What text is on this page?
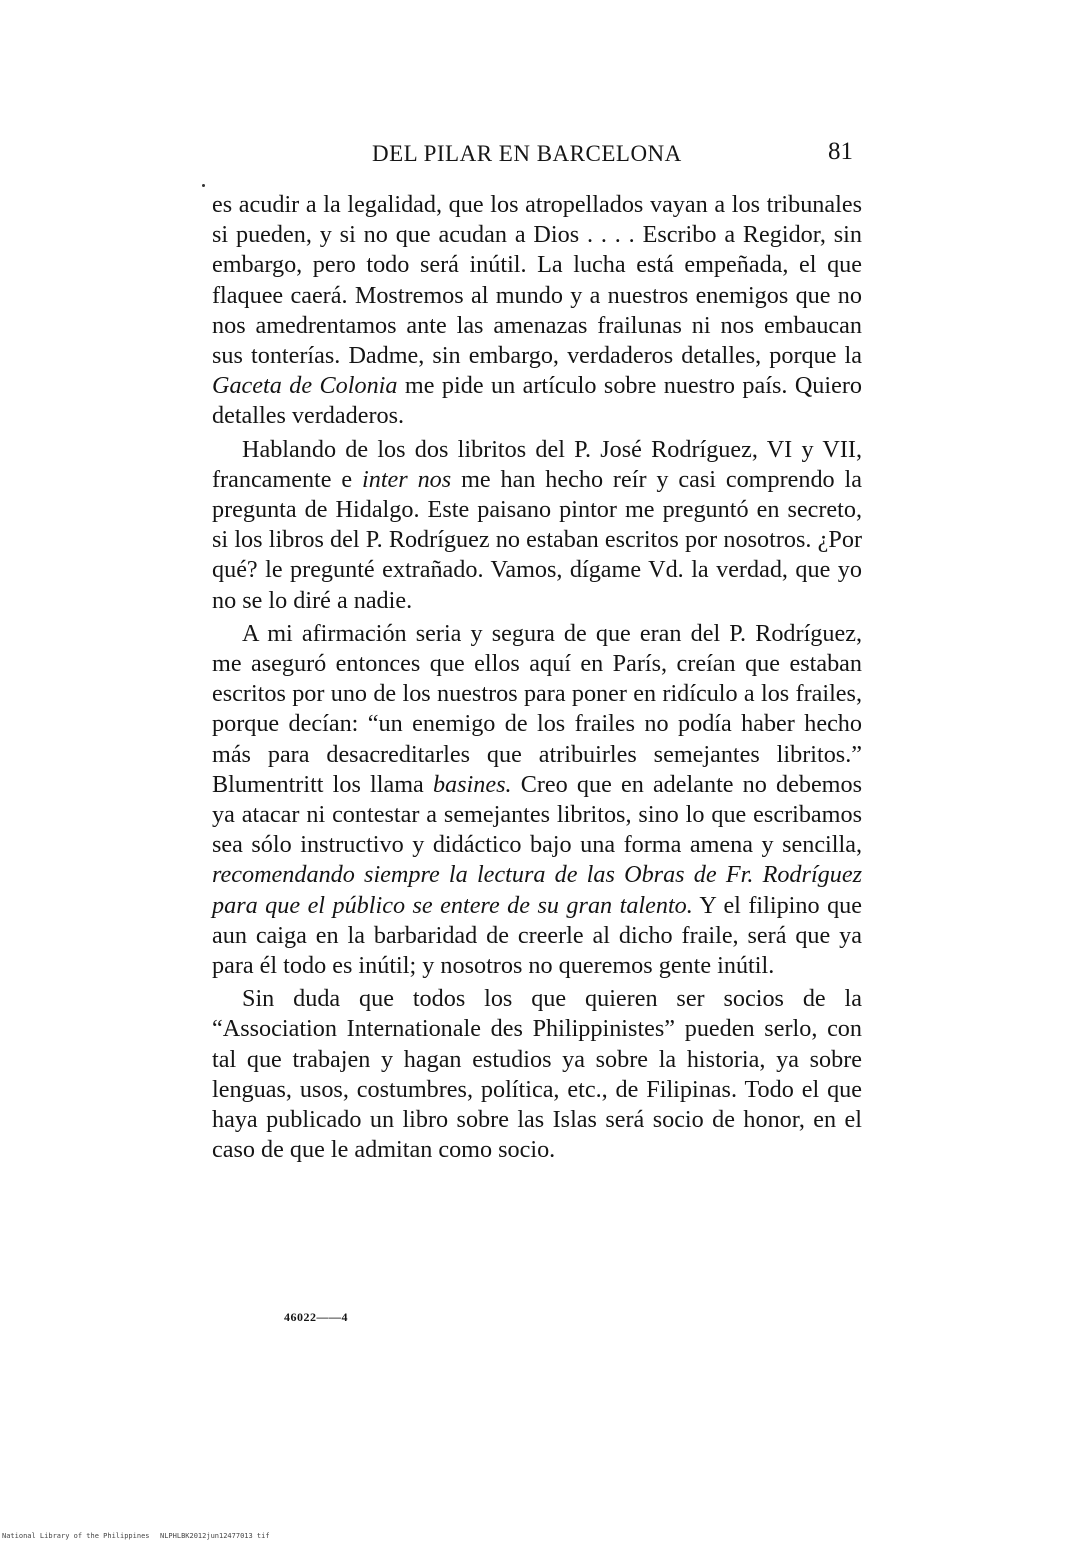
DEL PILAR EN BARCELONA	81

es acudir a la legalidad, que los atropellados vayan a los tribunales si pueden, y si no que acudan a Dios . . . . Escribo a Regidor, sin embargo, pero todo será inútil. La lucha está empeñada, el que flaquee caerá. Mostremos al mundo y a nuestros enemigos que no nos amedrentamos ante las amenazas frailunas ni nos embaucan sus tonterías. Dadme, sin embargo, verdaderos detalles, porque la Gaceta de Colonia me pide un artículo sobre nuestro país. Quiero detalles verdaderos.

Hablando de los dos libritos del P. José Rodríguez, VI y VII, francamente e inter nos me han hecho reír y casi comprendo la pregunta de Hidalgo. Este paisano pintor me preguntó en secreto, si los libros del P. Rodríguez no estaban escritos por nosotros. ¿Por qué? le pregunté extrañado. Vamos, dígame Vd. la verdad, que yo no se lo diré a nadie.

A mi afirmación seria y segura de que eran del P. Rodríguez, me aseguró entonces que ellos aquí en París, creían que estaban escritos por uno de los nuestros para poner en ridículo a los frailes, porque decían: “un enemigo de los frailes no podía haber hecho más para desacreditarles que atribuirles semejantes libritos.” Blumentritt los llama basines. Creo que en adelante no debemos ya atacar ni contestar a semejantes libritos, sino lo que escribamos sea sólo instructivo y didáctico bajo una forma amena y sencilla, recomendando siempre la lectura de las Obras de Fr. Rodríguez para que el público se entere de su gran talento. Y el filipino que aun caiga en la barbaridad de creerle al dicho fraile, será que ya para él todo es inútil; y nosotros no queremos gente inútil.

Sin duda que todos los que quieren ser socios de la “Association Internationale des Philippinistes” pueden serlo, con tal que trabajen y hagan estudios ya sobre la historia, ya sobre lenguas, usos, costumbres, política, etc., de Filipinas. Todo el que haya publicado un libro sobre las Islas será socio de honor, en el caso de que le admitan como socio.

46022——4
National Library of the Philippines NLPHLBK2012jun12477013 tif
